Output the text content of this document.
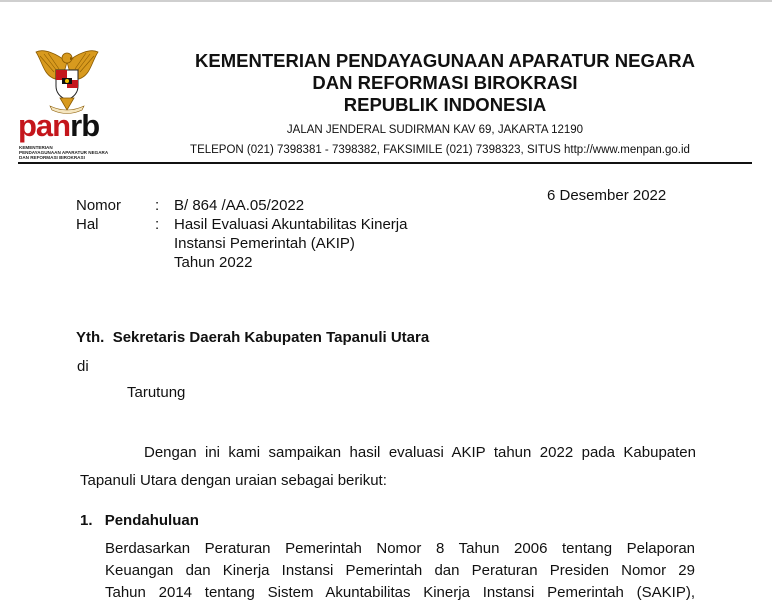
panrb
KEMENTERIAN
PENDAYAGUNAAN APARATUR NEGARA
DAN REFORMASI BIROKRASI
KEMENTERIAN PENDAYAGUNAAN APARATUR NEGARA
DAN REFORMASI BIROKRASI
REPUBLIK INDONESIA
JALAN JENDERAL SUDIRMAN KAV 69, JAKARTA 12190
TELEPON (021) 7398381 - 7398382, FAKSIMILE (021) 7398323, SITUS http://www.menpan.go.id
Nomor : B/ 864 /AA.05/2022
6 Desember 2022
Hal	: Hasil Evaluasi Akuntabilitas Kinerja
Instansi Pemerintah (AKIP)
Tahun 2022
Yth. Sekretaris Daerah Kabupaten Tapanuli Utara
di
Tarutung
Dengan ini kami sampaikan hasil evaluasi AKIP tahun 2022 pada Kabupaten
Tapanuli Utara dengan uraian sebagai berikut:
1. Pendahuluan
Berdasarkan Peraturan Pemerintah Nomor 8 Tahun 2006 tentang Pelaporan
Keuangan dan Kinerja Instansi Pemerintah dan Peraturan Presiden Nomor 29
Tahun 2014 tentang Sistem Akuntabilitas Kinerja Instansi Pemerintah (SAKIP),
